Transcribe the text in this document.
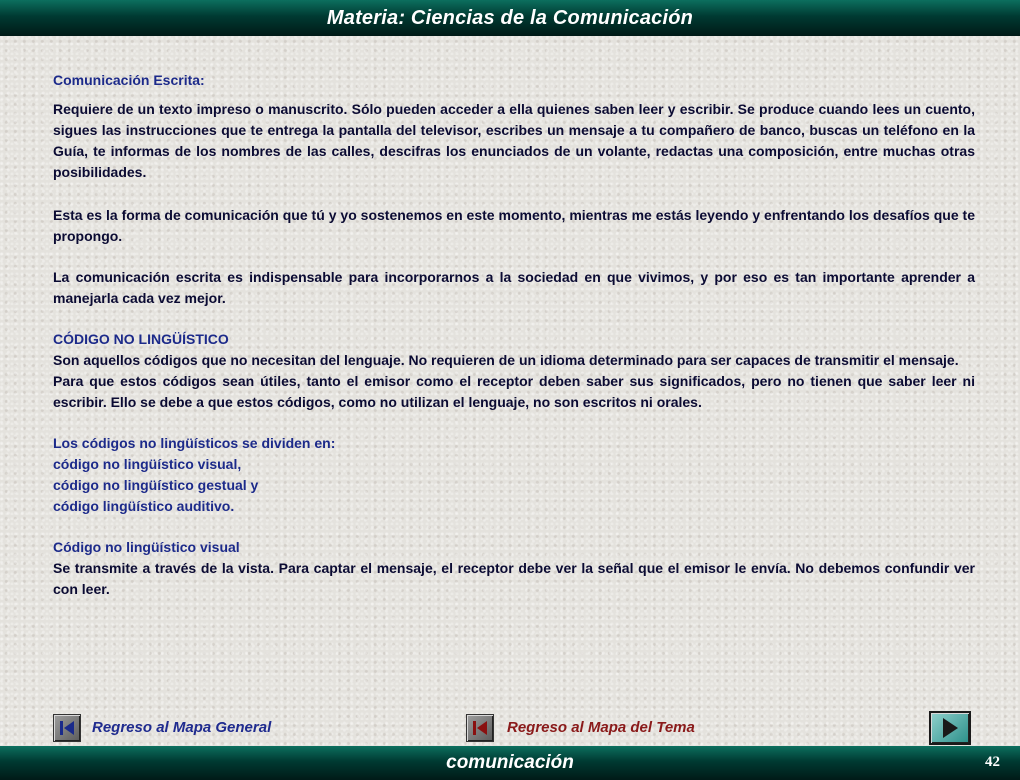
Materia: Ciencias de la Comunicación

Comunicación Escrita:

Requiere de un texto impreso o manuscrito. Sólo pueden acceder a ella quienes saben leer y escribir. Se produce cuando lees un cuento, sigues las instrucciones que te entrega la pantalla del televisor, escribes un mensaje a tu compañero de banco, buscas un teléfono en la Guía, te informas de los nombres de las calles, descifras los enunciados de un volante, redactas una composición, entre muchas otras posibilidades.

Esta es la forma de comunicación que tú y yo sostenemos en este momento, mientras me estás leyendo y enfrentando los desafíos que te propongo.

La comunicación escrita es indispensable para incorporarnos a la sociedad en que vivimos, y por eso es tan importante aprender a manejarla cada vez mejor.

CÓDIGO NO LINGÜÍSTICO

Son aquellos códigos que no necesitan del lenguaje. No requieren de un idioma determinado para ser capaces de transmitir el mensaje.

Para que estos códigos sean útiles, tanto el emisor como el receptor deben saber sus significados, pero no tienen que saber leer ni escribir. Ello se debe a que estos códigos, como no utilizan el lenguaje, no son escritos ni orales.

Los códigos no lingüísticos se dividen en:

código no lingüístico visual,

código no lingüístico gestual y

código lingüístico auditivo.

Código no lingüístico visual

Se transmite a través de la vista. Para captar el mensaje, el receptor debe ver la señal que el emisor le envía. No debemos confundir ver con leer.

Regreso al Mapa General	Regreso al Mapa del Tema
comunicación	42
